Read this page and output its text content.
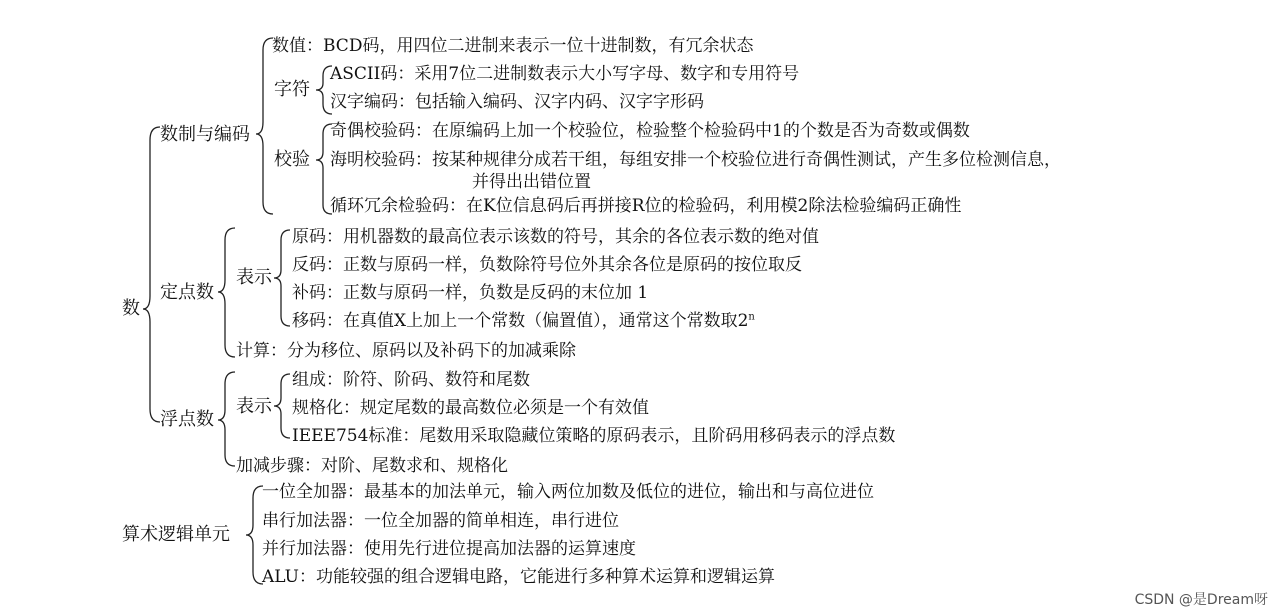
数
数制与编码
数值：BCD码，用四位二进制来表示一位十进制数，有冗余状态
字符
ASCII码：采用7位二进制数表示大小写字母、数字和专用符号
汉字编码：包括输入编码、汉字内码、汉字字形码
校验
奇偶校验码：在原编码上加一个校验位，检验整个检验码中1的个数是否为奇数或偶数
海明校验码：按某种规律分成若干组，每组安排一个校验位进行奇偶性测试，产生多位检测信息，
并得出出错位置
循环冗余检验码：在K位信息码后再拼接R位的检验码，利用模2除法检验编码正确性
定点数
表示
原码：用机器数的最高位表示该数的符号，其余的各位表示数的绝对值
反码：正数与原码一样，负数除符号位外其余各位是原码的按位取反
补码：正数与原码一样，负数是反码的末位加 1
移码：在真值X上加上一个常数（偏置值），通常这个常数取2$^n$
计算：分为移位、原码以及补码下的加减乘除
浮点数
表示
组成：阶符、阶码、数符和尾数
规格化：规定尾数的最高数位必须是一个有效值
IEEE754标准：尾数用采取隐藏位策略的原码表示，且阶码用移码表示的浮点数
加减步骤：对阶、尾数求和、规格化
算术逻辑单元
一位全加器：最基本的加法单元，输入两位加数及低位的进位，输出和与高位进位
串行加法器：一位全加器的简单相连，串行进位
并行加法器：使用先行进位提高加法器的运算速度
ALU：功能较强的组合逻辑电路，它能进行多种算术运算和逻辑运算
CSDN @是Dream呀
